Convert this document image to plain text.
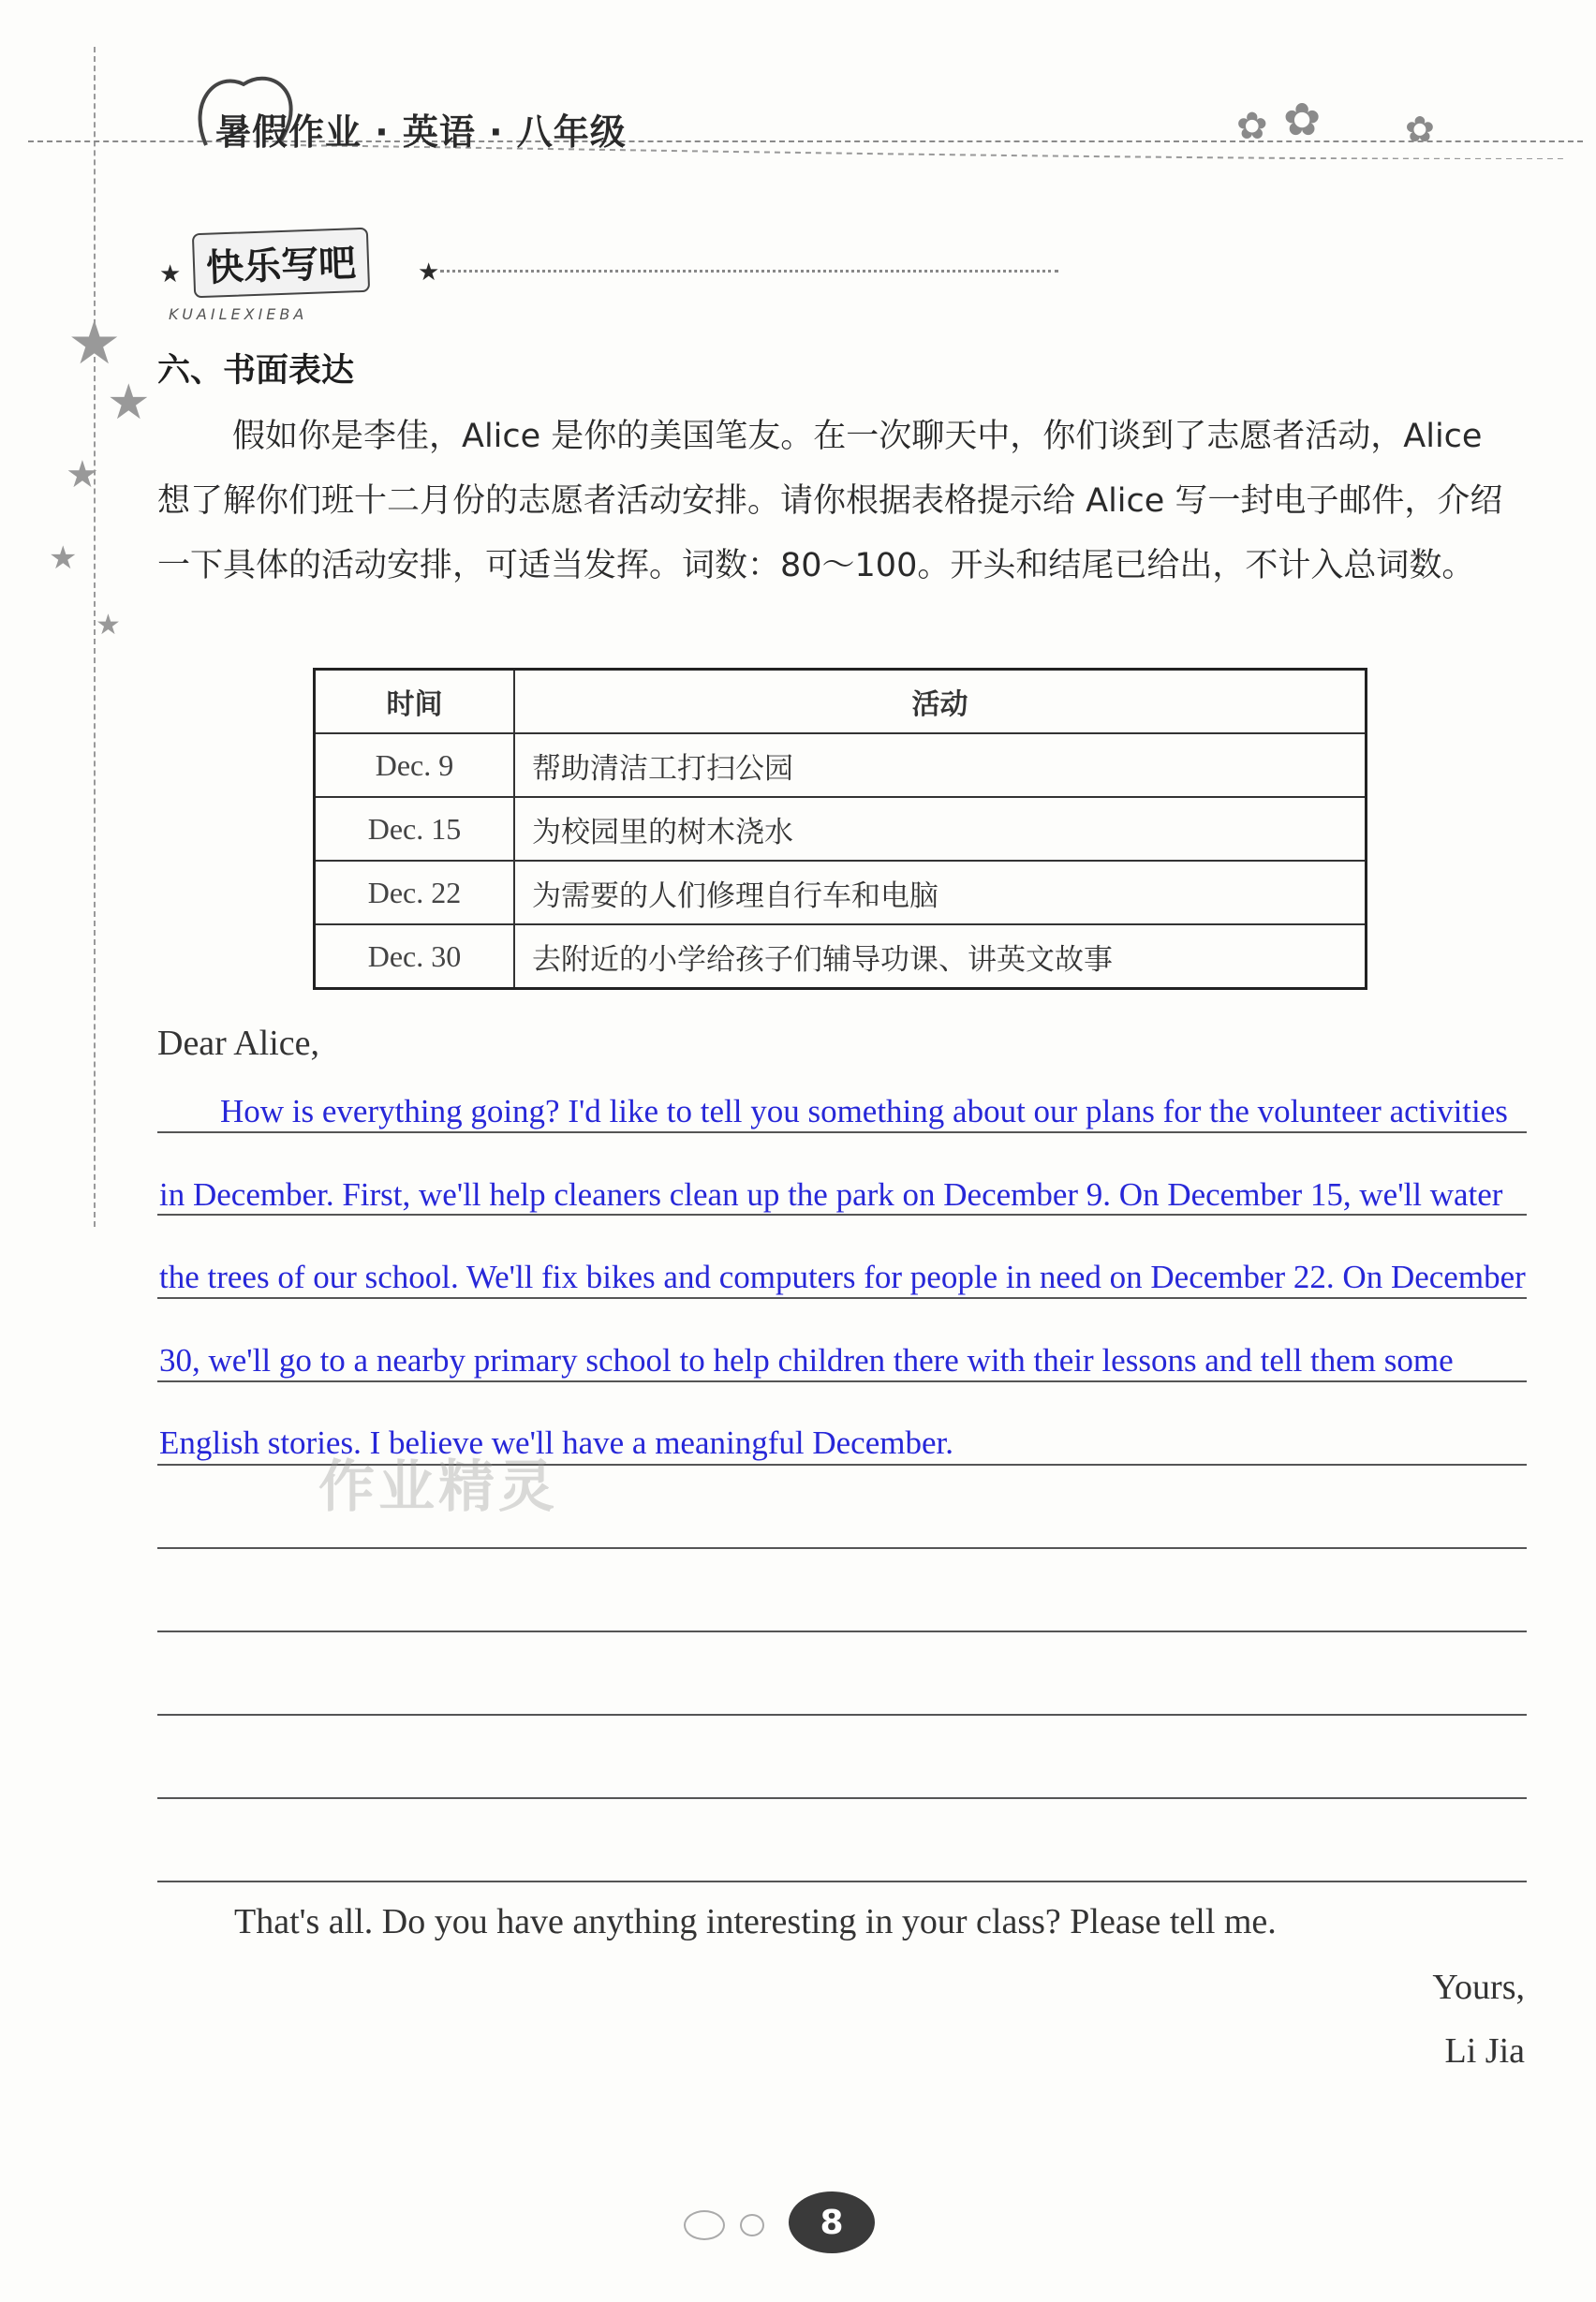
暑假作业 · 英语 · 八年级	✿ ✿ ✿
★
★
★
★
★
★ 快乐写吧	★
KUAILEXIEBA
六、书面表达

假如你是李佳，Alice 是你的美国笔友。在一次聊天中，你们谈到了志愿者活动，Alice 想了解你们班十二月份的志愿者活动安排。请你根据表格提示给 Alice 写一封电子邮件，介绍一下具体的活动安排，可适当发挥。词数：80～100。开头和结尾已给出，不计入总词数。

时间	活动
Dec. 9	帮助清洁工打扫公园
Dec. 15	为校园里的树木浇水
Dec. 22	为需要的人们修理自行车和电脑
Dec. 30	去附近的小学给孩子们辅导功课、讲英文故事
Dear Alice,

How is everything going? I'd like to tell you something about our plans for the volunteer activities in December. First, we'll help cleaners clean up the park on December 9. On December 15, we'll water the trees of our school. We'll fix bikes and computers for people in need on December 22. On December 30, we'll go to a nearby primary school to help children there with their lessons and tell them some English stories. I believe we'll have a meaningful December.

作业精灵
That's all. Do you have anything interesting in your class? Please tell me.
Yours,
Li Jia
8
